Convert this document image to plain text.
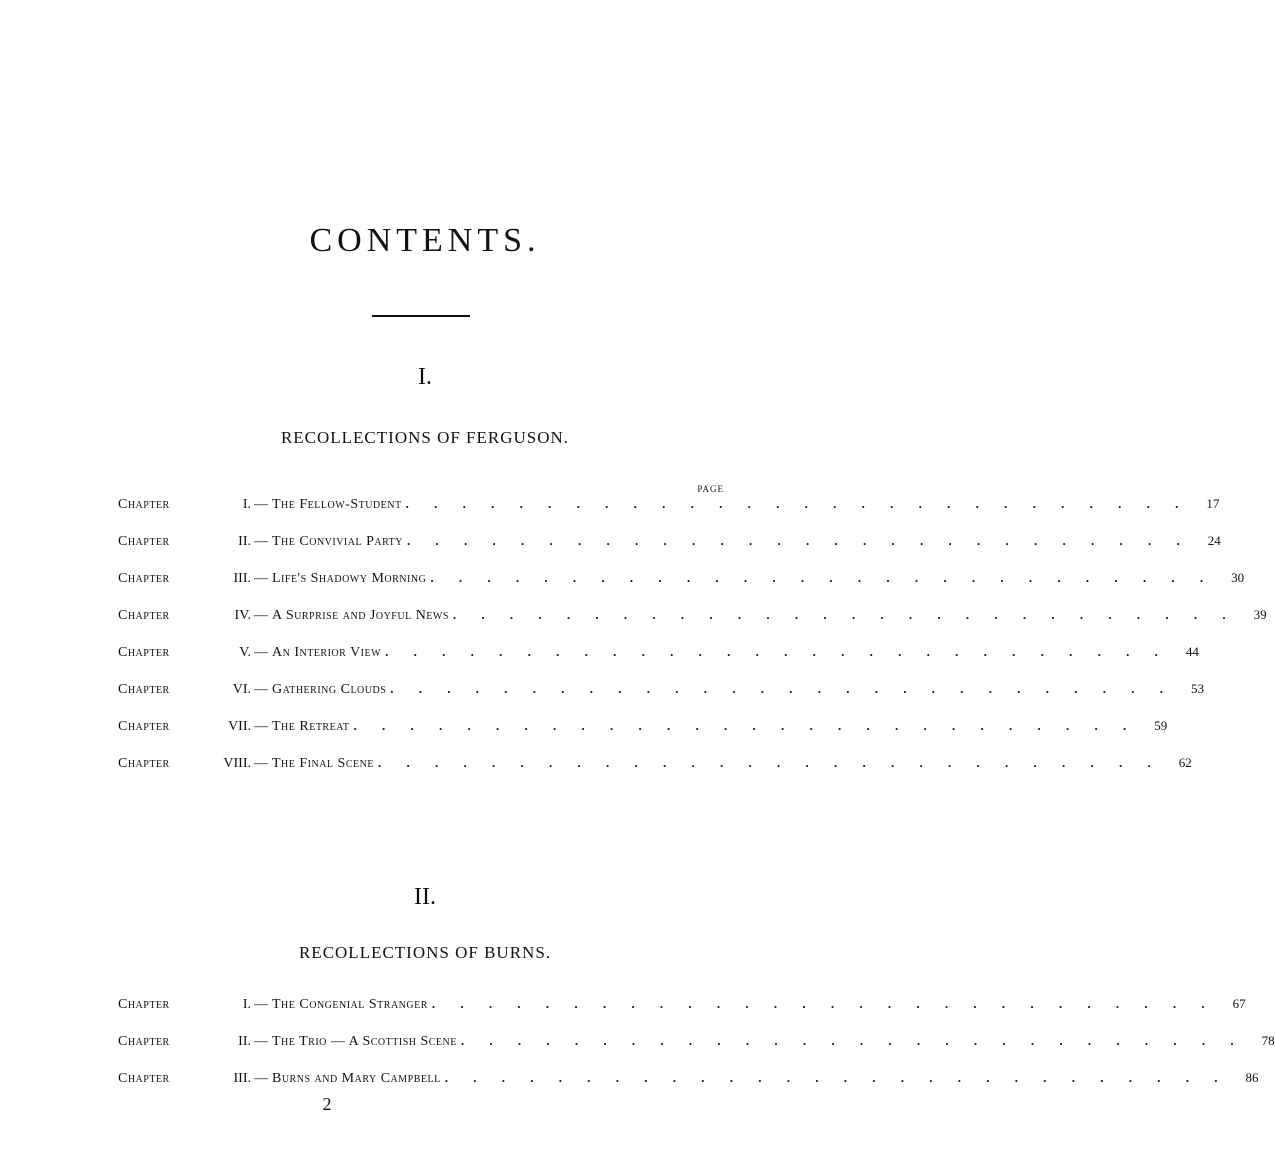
CONTENTS.
I.
RECOLLECTIONS OF FERGUSON.
PAGE
Chapter	I. — The Fellow-Student . . . . . . . . . . . . . . . . . . . . . . . . . . . .	17
Chapter	II. — The Convivial Party . . . . . . . . . . . . . . . . . . . . . . . . . . . .	24
Chapter	III. — Life's Shadowy Morning . . . . . . . . . . . . . . . . . . . . . . . . . . . .	30
Chapter	IV. — A Surprise and Joyful News . . . . . . . . . . . . . . . . . . . . . . . . . . . .	39
Chapter	V. — An Interior View . . . . . . . . . . . . . . . . . . . . . . . . . . . .	44
Chapter	VI. — Gathering Clouds . . . . . . . . . . . . . . . . . . . . . . . . . . . .	53
Chapter	VII. — The Retreat . . . . . . . . . . . . . . . . . . . . . . . . . . . .	59
Chapter	VIII. — The Final Scene . . . . . . . . . . . . . . . . . . . . . . . . . . . .	62
II.
RECOLLECTIONS OF BURNS.
Chapter	I. — The Congenial Stranger . . . . . . . . . . . . . . . . . . . . . . . . . . . .	67
Chapter	II. — The Trio — A Scottish Scene . . . . . . . . . . . . . . . . . . . . . . . . . . . .	78
Chapter	III. — Burns and Mary Campbell . . . . . . . . . . . . . . . . . . . . . . . . . . . .	86
2
